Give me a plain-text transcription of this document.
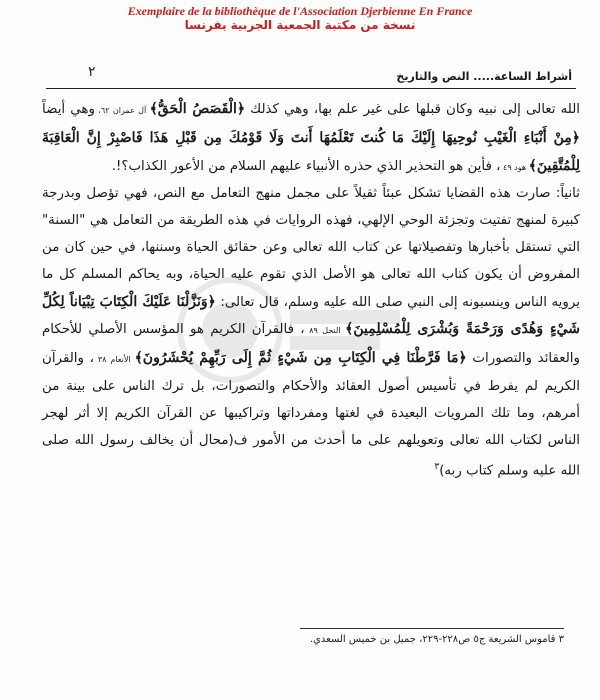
Exemplaire de la bibliothèque de l'Association Djerbienne En France
نسخة من مكتبة الجمعية الجربية بفرنسا
٢	أشراط الساعة..... النص والتاريخ

الله تعالى إلى نبيه وكان قبلها على غير علم بها، وهي كذلك ﴿الْقَصَصُ الْحَقُّ﴾ آل عمران ٦٢، وهي أيضاً ﴿مِنْ أَنْبَاءِ الْغَيْبِ نُوحِيهَا إِلَيْكَ مَا كُنتَ تَعْلَمُهَا أَنتَ وَلَا قَوْمُكَ مِن قَبْلِ هَذَا فَاصْبِرْ إِنَّ الْعَاقِبَةَ لِلْمُتَّقِينَ﴾ هود ٤٩ ، فأين هو التحذير الذي حذره الأنبياء عليهم السلام من الأعور الكذاب؟!.

ثانياً: صارت هذه القضايا تشكل عبئاً ثقيلاً على مجمل منهج التعامل مع النص، فهي تؤصل وبدرجة كبيرة لمنهج تفتيت وتجزئة الوحي الإلهي، فهذه الروايات في هذه الطريقة من التعامل هي "السنة" التي تستقل بأخبارها وتفصيلاتها عن كتاب الله تعالى وعن حقائق الحياة وسننها، في حين كان من المفروض أن يكون كتاب الله تعالى هو الأصل الذي تقوم عليه الحياة، وبه يحاكم المسلم كل ما يرويه الناس وينسبونه إلى النبي صلى الله عليه وسلم، قال تعالى: ﴿وَنَزَّلْنَا عَلَيْكَ الْكِتَابَ تِبْيَاناً لِكُلِّ شَيْءٍ وَهُدًى وَرَحْمَةً وَبُشْرَى لِلْمُسْلِمِينَ﴾ النحل ٨٩ ، فالقرآن الكريم هو المؤسس الأصلي للأحكام والعقائد والتصورات ﴿مَا فَرَّطْنَا فِي الْكِتَابِ مِن شَيْءٍ ثُمَّ إِلَى رَبِّهِمْ يُحْشَرُونَ﴾ الأنعام ٣٨ ، والقرآن الكريم لم يفرط في تأسيس أصول العقائد والأحكام والتصورات، بل ترك الناس على بينة من أمرهم، وما تلك المرويات البعيدة في لغتها ومفرداتها وتراكيبها عن القرآن الكريم إلا أثر لهجر الناس لكتاب الله تعالى وتعويلهم على ما أحدث من الأمور ف(محال أن يخالف رسول الله صلى الله عليه وسلم كتاب ربه)$^٣$

٣ قاموس الشريعة ج٥ ص٢٢٨-٢٢٩، جميل بن خميس السعدي.
